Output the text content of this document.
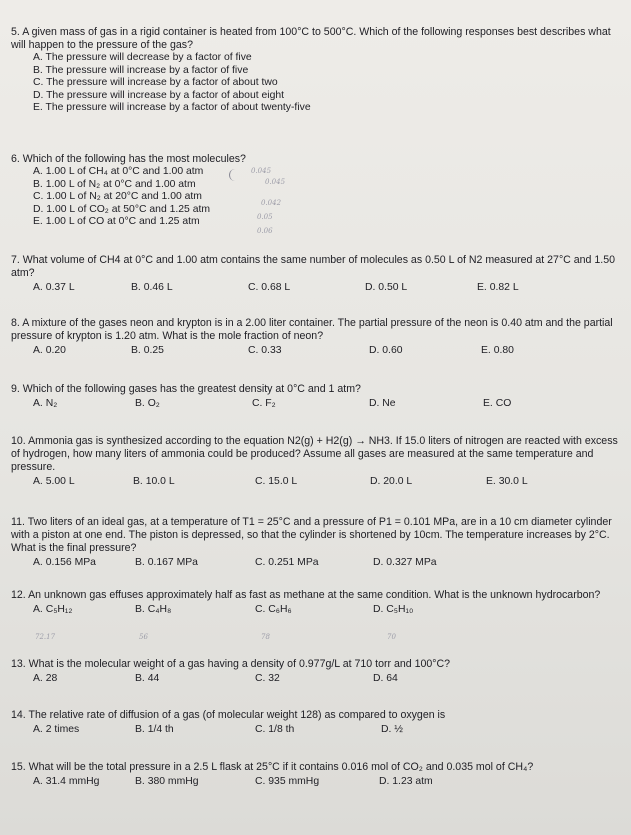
5. A given mass of gas in a rigid container is heated from 100°C to 500°C. Which of the following responses best describes what will happen to the pressure of the gas?
A. The pressure will decrease by a factor of five
B. The pressure will increase by a factor of five
C. The pressure will increase by a factor of about two
D. The pressure will increase by a factor of about eight
E. The pressure will increase by a factor of about twenty-five
6. Which of the following has the most molecules?
A. 1.00 L of CH₄ at 0°C and 1.00 atm
B. 1.00 L of N₂ at 0°C and 1.00 atm
C. 1.00 L of N₂ at 20°C and 1.00 atm
D. 1.00 L of CO₂ at 50°C and 1.25 atm
E. 1.00 L of CO at 0°C and 1.25 atm
0.045
0.045
0.042
0.05
0.06
7. What volume of CH4 at 0°C and 1.00 atm contains the same number of molecules as 0.50 L of N2 measured at 27°C and 1.50 atm?
A. 0.37 L	B. 0.46 L	C. 0.68 L	D. 0.50 L	E. 0.82 L
8. A mixture of the gases neon and krypton is in a 2.00 liter container. The partial pressure of the neon is 0.40 atm and the partial pressure of krypton is 1.20 atm. What is the mole fraction of neon?
A. 0.20	B. 0.25	C. 0.33	D. 0.60	E. 0.80
9. Which of the following gases has the greatest density at 0°C and 1 atm?
A. N₂	B. O₂	C. F₂	D. Ne	E. CO
10. Ammonia gas is synthesized according to the equation N2(g) + H2(g) → NH3. If 15.0 liters of nitrogen are reacted with excess of hydrogen, how many liters of ammonia could be produced? Assume all gases are measured at the same temperature and pressure.
A. 5.00 L	B. 10.0 L	C. 15.0 L	D. 20.0 L	E. 30.0 L
11. Two liters of an ideal gas, at a temperature of T1 = 25°C and a pressure of P1 = 0.101 MPa, are in a 10 cm diameter cylinder with a piston at one end. The piston is depressed, so that the cylinder is shortened by 10cm. The temperature increases by 2°C. What is the final pressure?
A. 0.156 MPa	B. 0.167 MPa	C. 0.251 MPa	D. 0.327 MPa
12. An unknown gas effuses approximately half as fast as methane at the same condition. What is the unknown hydrocarbon?
A. C₅H₁₂	B. C₄H₈	C. C₆H₆	D. C₅H₁₀
72.17	56	78	70
13. What is the molecular weight of a gas having a density of 0.977g/L at 710 torr and 100°C?
A. 28	B. 44	C. 32	D. 64
14. The relative rate of diffusion of a gas (of molecular weight 128) as compared to oxygen is
A. 2 times	B. 1/4 th	C. 1/8 th	D. ½
15. What will be the total pressure in a 2.5 L flask at 25°C if it contains 0.016 mol of CO₂ and 0.035 mol of CH₄?
A. 31.4 mmHg	B. 380 mmHg	C. 935 mmHg	D. 1.23 atm
